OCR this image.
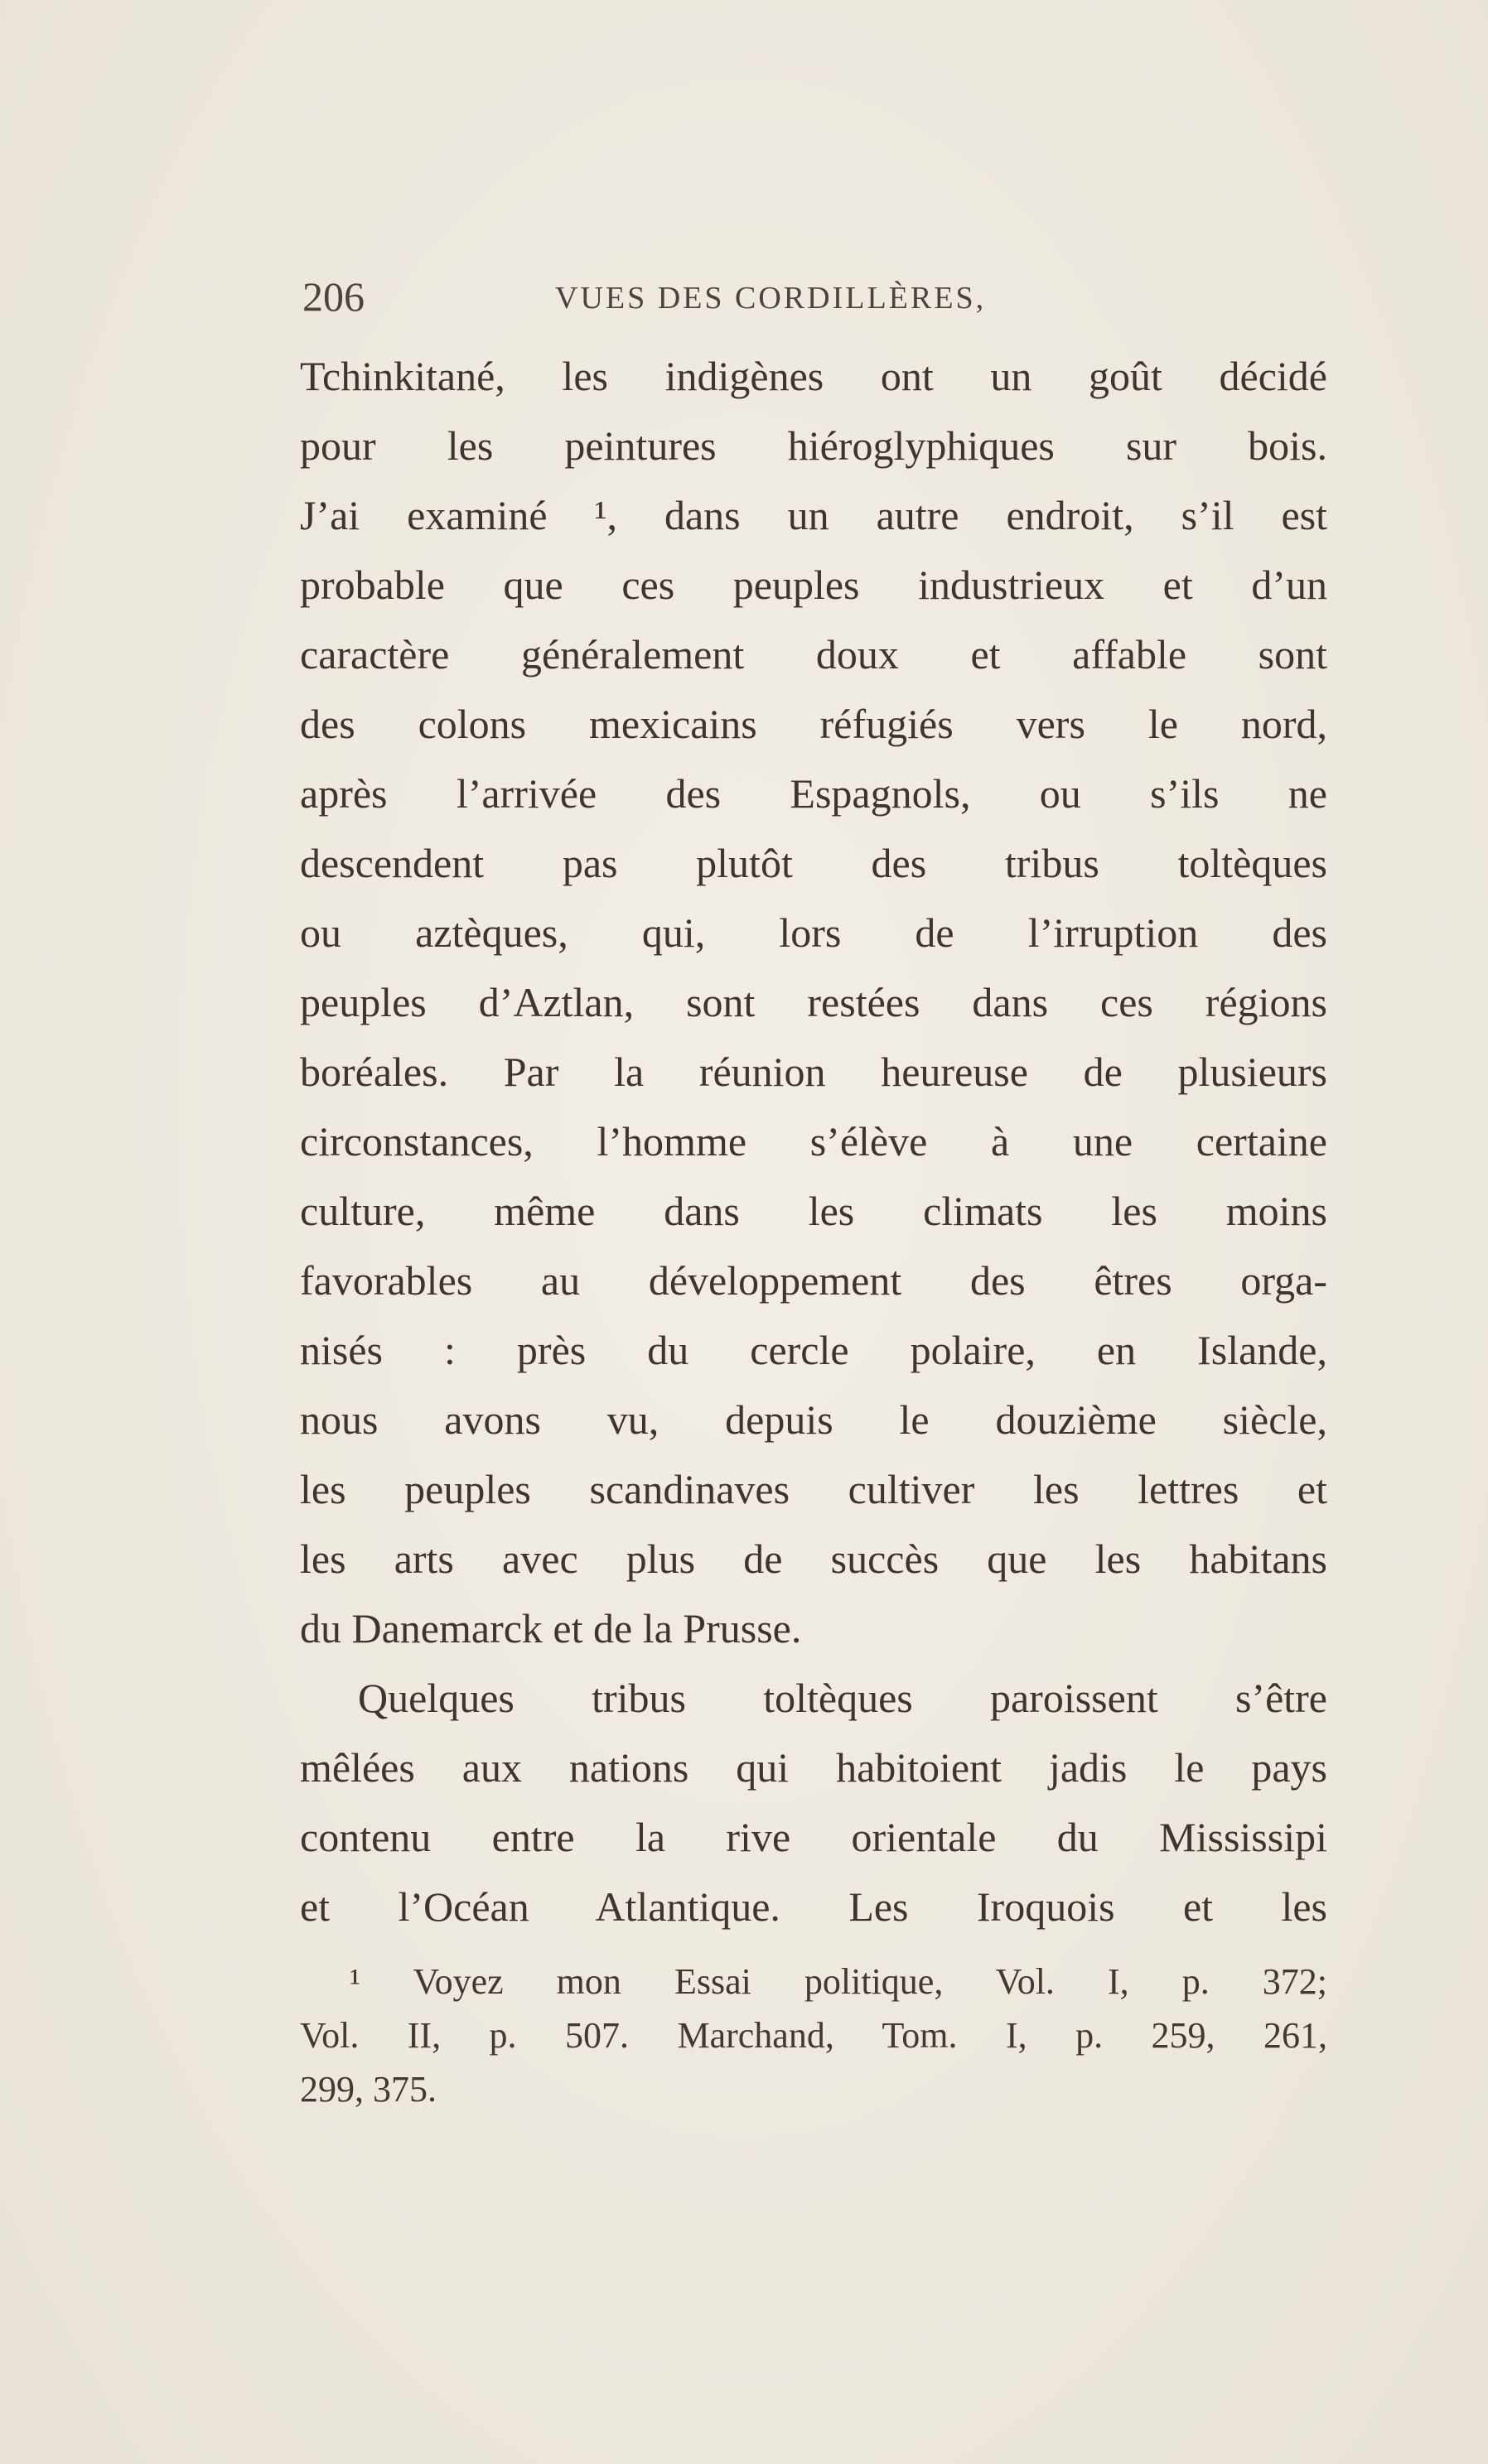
206	VUES DES CORDILLÈRES,
Tchinkitané, les indigènes ont un goût décidé
pour les peintures hiéroglyphiques sur bois.
J’ai examiné ¹, dans un autre endroit, s’il est
probable que ces peuples industrieux et d’un
caractère généralement doux et affable sont
des colons mexicains réfugiés vers le nord,
après l’arrivée des Espagnols, ou s’ils ne
descendent pas plutôt des tribus toltèques
ou aztèques, qui, lors de l’irruption des
peuples d’Aztlan, sont restées dans ces régions
boréales. Par la réunion heureuse de plusieurs
circonstances, l’homme s’élève à une certaine
culture, même dans les climats les moins
favorables au développement des êtres orga-
nisés : près du cercle polaire, en Islande,
nous avons vu, depuis le douzième siècle,
les peuples scandinaves cultiver les lettres et
les arts avec plus de succès que les habitans
du Danemarck et de la Prusse.
Quelques tribus toltèques paroissent s’être
mêlées aux nations qui habitoient jadis le pays
contenu entre la rive orientale du Mississipi
et l’Océan Atlantique. Les Iroquois et les
¹ Voyez mon Essai politique, Vol. I, p. 372;
Vol. II, p. 507. Marchand, Tom. I, p. 259, 261,
299, 375.
